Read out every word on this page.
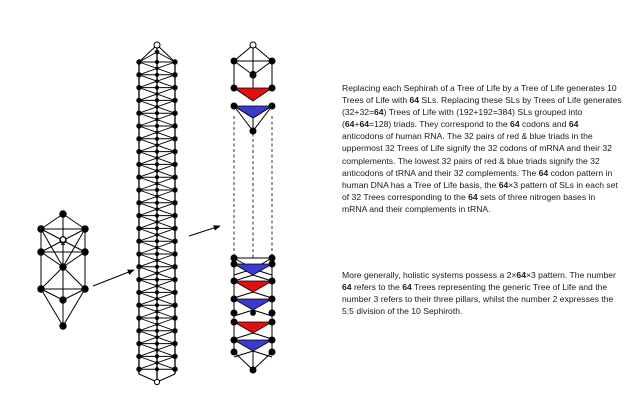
♀
♀

Replacing each Sephirah of a Tree of Life by a Tree of Life generates 10 Trees of Life with 64 SLs. Replacing these SLs by Trees of Life generates (32+32=64) Trees of Life with (192+192=384) SLs grouped into (64+64=128) triads. They correspond to the 64 codons and 64 anticodons of human RNA. The 32 pairs of red & blue triads in the uppermost 32 Trees of Life signify the 32 codons of mRNA and their 32 complements. The lowest 32 pairs of red & blue triads signify the 32 anticodons of tRNA and their 32 complements. The 64 codon pattern in human DNA has a Tree of Life basis, the 64×3 pattern of SLs in each set of 32 Trees corresponding to the 64 sets of three nitrogen bases in mRNA and their complements in tRNA.

More generally, holistic systems possess a 2×64×3 pattern. The number 64 refers to the 64 Trees representing the generic Tree of Life and the number 3 refers to their three pillars, whilst the number 2 expresses the 5:5 division of the 10 Sephiroth.
